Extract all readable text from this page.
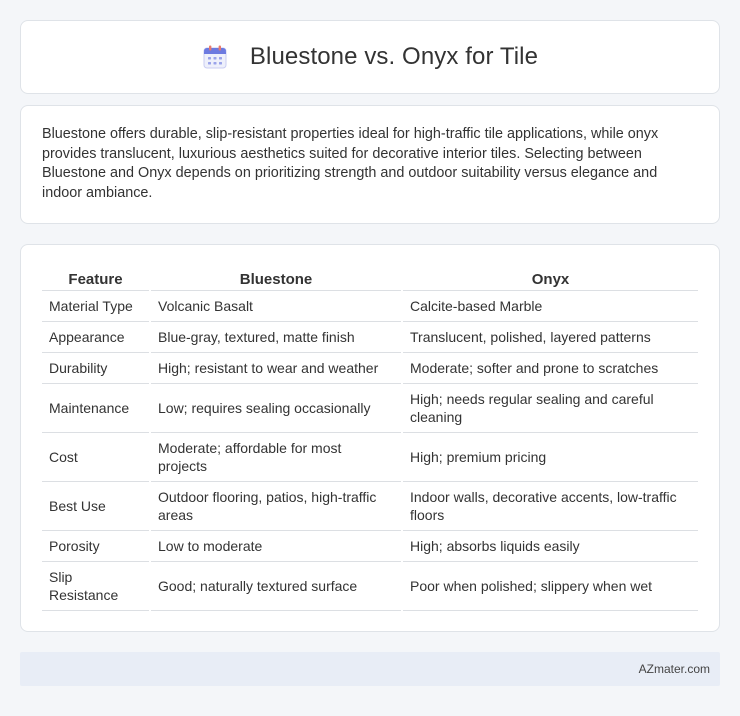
Bluestone vs. Onyx for Tile

Bluestone offers durable, slip-resistant properties ideal for high-traffic tile applications, while onyx provides translucent, luxurious aesthetics suited for decorative interior tiles. Selecting between Bluestone and Onyx depends on prioritizing strength and outdoor suitability versus elegance and indoor ambiance.

Feature	Bluestone	Onyx
Material Type	Volcanic Basalt	Calcite-based Marble
Appearance	Blue-gray, textured, matte finish	Translucent, polished, layered patterns
Durability	High; resistant to wear and weather	Moderate; softer and prone to scratches
Maintenance	Low; requires sealing occasionally	High; needs regular sealing and careful cleaning
Cost	Moderate; affordable for most projects	High; premium pricing
Best Use	Outdoor flooring, patios, high-traffic areas	Indoor walls, decorative accents, low-traffic floors
Porosity	Low to moderate	High; absorbs liquids easily
Slip Resistance	Good; naturally textured surface	Poor when polished; slippery when wet
AZmater.com
